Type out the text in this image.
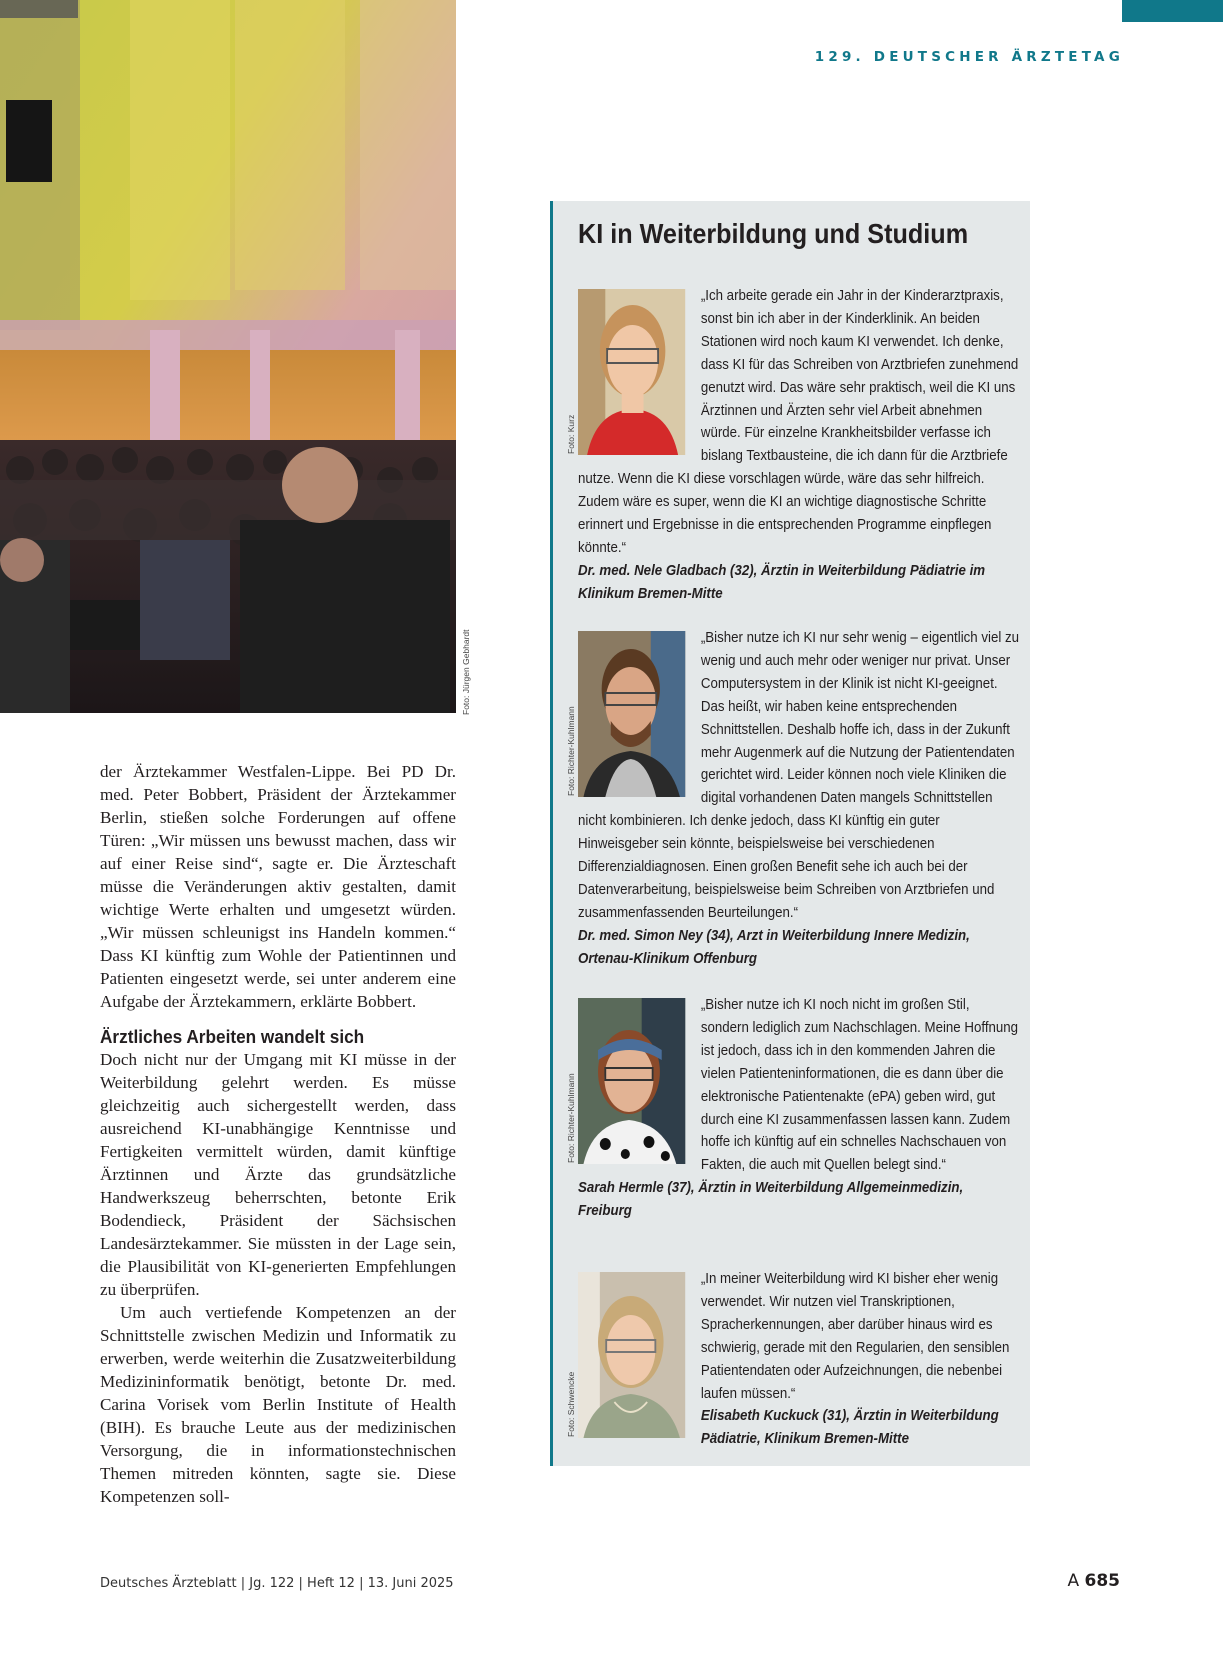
129. DEUTSCHER ÄRZTETAG
Foto: Jürgen Gebhardt

der Ärztekammer Westfalen-Lippe. Bei PD Dr. med. Peter Bobbert, Präsident der Ärztekammer Berlin, stießen solche Forderungen auf offene Türen: „Wir müssen uns bewusst machen, dass wir auf einer Reise sind“, sagte er. Die Ärzteschaft müsse die Veränderungen aktiv gestalten, damit wichtige Werte erhalten und umgesetzt würden. „Wir müssen schleunigst ins Handeln kommen.“ Dass KI künftig zum Wohle der Patientinnen und Patienten eingesetzt werde, sei unter anderem eine Aufgabe der Ärztekammern, erklärte Bobbert.

Ärztliches Arbeiten wandelt sich

Doch nicht nur der Umgang mit KI müsse in der Weiterbildung gelehrt werden. Es müsse gleichzeitig auch sichergestellt werden, dass ausreichend KI-unabhängige Kenntnisse und Fertigkeiten vermittelt würden, damit künftige Ärztinnen und Ärzte das grundsätzliche Handwerkszeug beherrschten, betonte Erik Bodendieck, Präsident der Sächsischen Landesärztekammer. Sie müssten in der Lage sein, die Plausibilität von KI-generierten Empfehlungen zu überprüfen.

Um auch vertiefende Kompetenzen an der Schnittstelle zwischen Medizin und Informatik zu erwerben, werde weiterhin die Zusatzweiterbildung Medizininformatik benötigt, betonte Dr. med. Carina Vorisek vom Berlin Institute of Health (BIH). Es brauche Leute aus der medizinischen Versorgung, die in informationstechnischen Themen mitreden könnten, sagte sie. Diese Kompetenzen soll-

KI in Weiterbildung und Studium
„Ich arbeite gerade ein Jahr in der Kinderarztpraxis, sonst bin ich aber in der Kinderklinik. An beiden Stationen wird noch kaum KI verwendet. Ich denke, dass KI für das Schreiben von Arztbriefen zunehmend genutzt wird. Das wäre sehr praktisch, weil die KI uns Ärztinnen und Ärzten sehr viel Arbeit abnehmen würde. Für einzelne Krankheitsbilder verfasse ich bislang Textbausteine, die ich dann für die Arztbriefe nutze. Wenn die KI diese vorschlagen würde, wäre das sehr hilfreich. Zudem wäre es super, wenn die KI an wichtige diagnostische Schritte erinnert und Ergebnisse in die entsprechenden Programme einpflegen könnte.“
Dr. med. Nele Gladbach (32), Ärztin in Weiterbildung Pädiatrie im Klinikum Bremen-Mitte
Foto: Kurz
„Bisher nutze ich KI nur sehr wenig – eigentlich viel zu wenig und auch mehr oder weniger nur privat. Unser Computersystem in der Klinik ist nicht KI-geeignet. Das heißt, wir haben keine entsprechenden Schnittstellen. Deshalb hoffe ich, dass in der Zukunft mehr Augenmerk auf die Nutzung der Patientendaten gerichtet wird. Leider können noch viele Kliniken die digital vorhandenen Daten mangels Schnittstellen nicht kombinieren. Ich denke jedoch, dass KI künftig ein guter Hinweisgeber sein könnte, beispielsweise bei verschiedenen Differenzialdiagnosen. Einen großen Benefit sehe ich auch bei der Datenverarbeitung, beispielsweise beim Schreiben von Arztbriefen und zusammenfassenden Beurteilungen.“
Dr. med. Simon Ney (34), Arzt in Weiterbildung Innere Medizin, Ortenau-Klinikum Offenburg
Foto: Richter-Kuhlmann
„Bisher nutze ich KI noch nicht im großen Stil, sondern lediglich zum Nachschlagen. Meine Hoffnung ist jedoch, dass ich in den kommenden Jahren die vielen Patienteninformationen, die es dann über die elektronische Patientenakte (ePA) geben wird, gut durch eine KI zusammenfassen lassen kann. Zudem hoffe ich künftig auf ein schnelles Nachschauen von Fakten, die auch mit Quellen belegt sind.“
Sarah Hermle (37), Ärztin in Weiterbildung Allgemeinmedizin, Freiburg
Foto: Richter-Kuhlmann
„In meiner Weiterbildung wird KI bisher eher wenig verwendet. Wir nutzen viel Transkriptionen, Spracherkennungen, aber darüber hinaus wird es schwierig, gerade mit den Regularien, den sensiblen Patientendaten oder Aufzeichnungen, die nebenbei laufen müssen.“
Elisabeth Kuckuck (31), Ärztin in Weiterbildung Pädiatrie, Klinikum Bremen-Mitte
Foto: Schwencke
Deutsches Ärzteblatt | Jg. 122 | Heft 12 | 13. Juni 2025	A 685
